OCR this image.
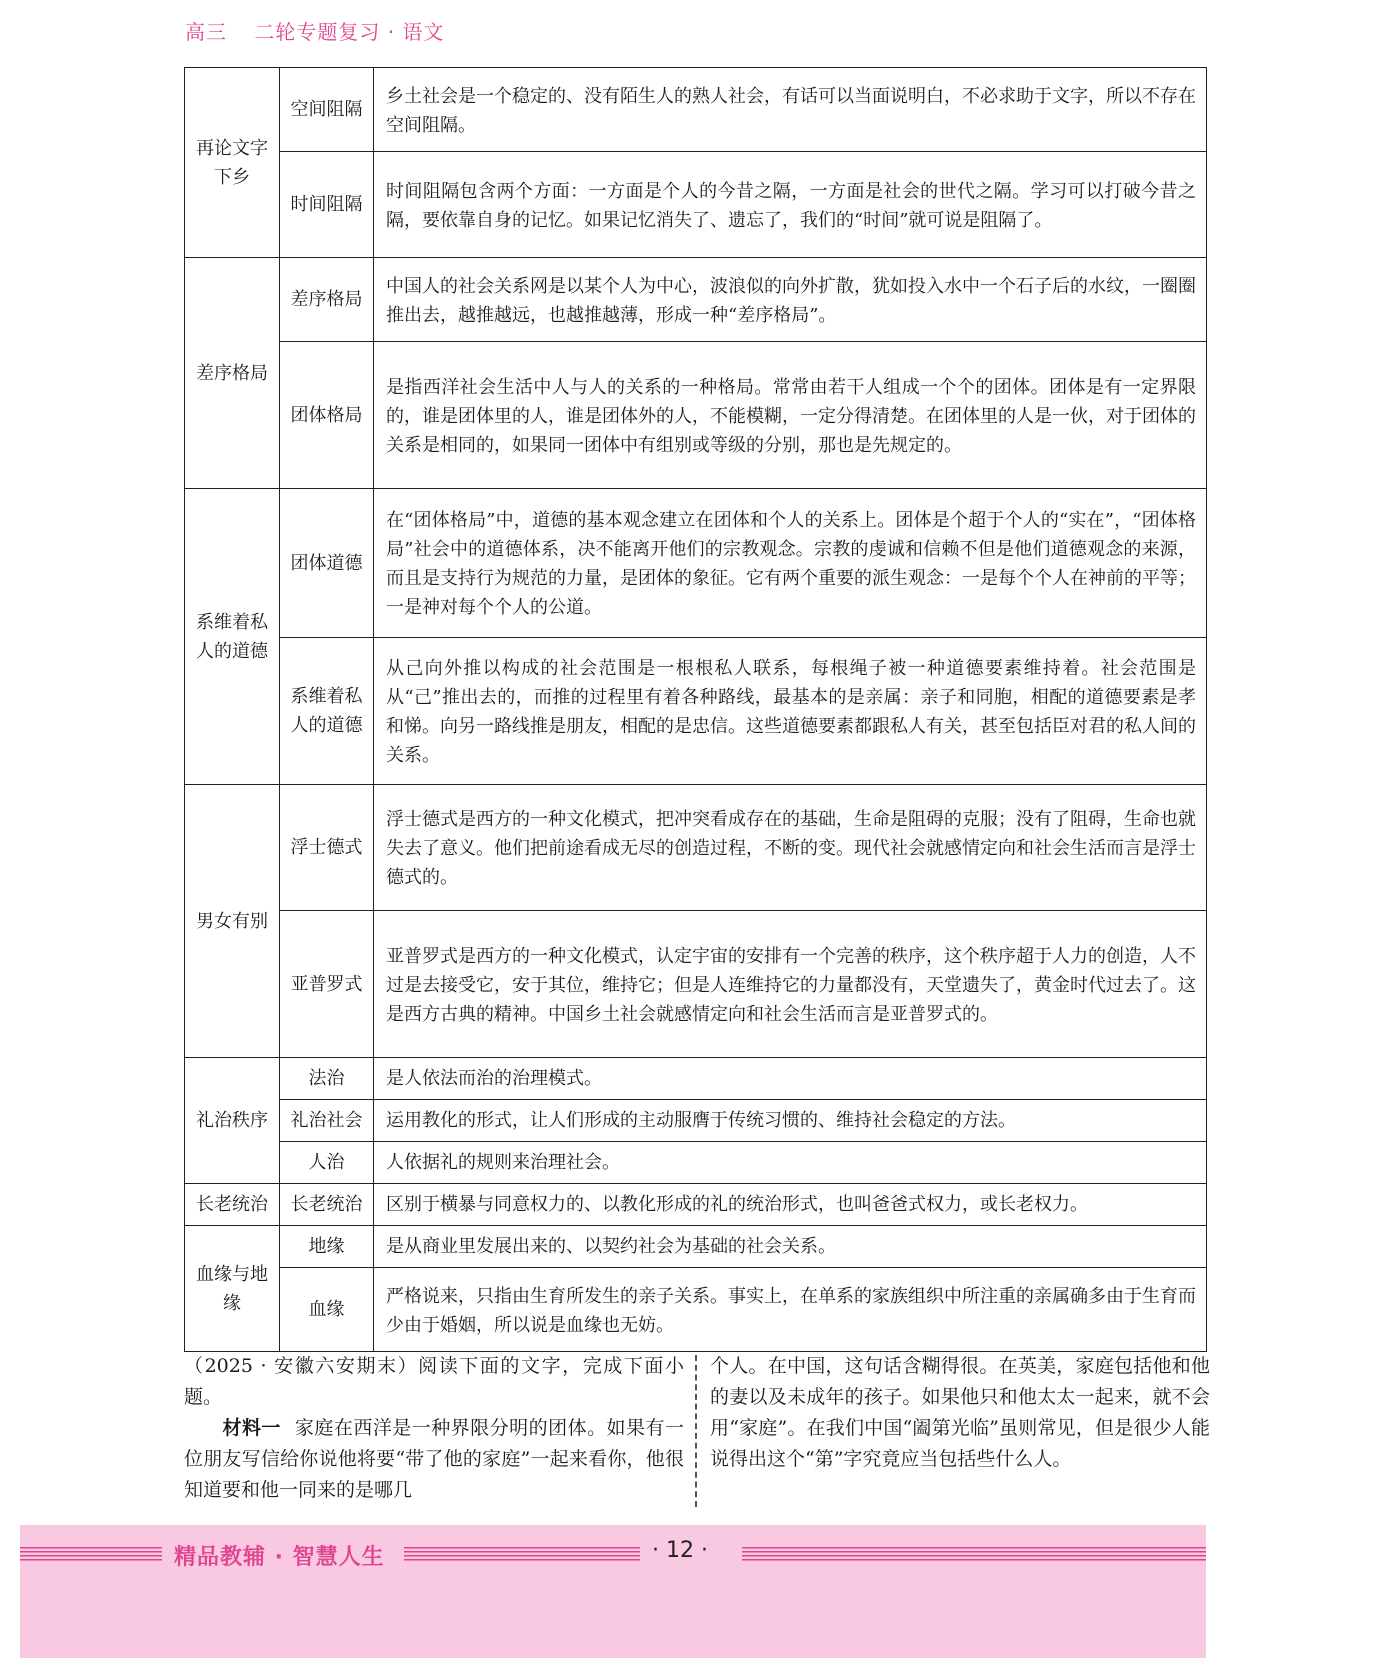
高三 二轮专题复习 · 语文
再论文字下乡	空间阻隔	乡土社会是一个稳定的、没有陌生人的熟人社会，有话可以当面说明白，不必求助于文字，所以不存在空间阻隔。

	时间阻隔	时间阻隔包含两个方面：一方面是个人的今昔之隔，一方面是社会的世代之隔。学习可以打破今昔之隔，要依靠自身的记忆。如果记忆消失了、遗忘了，我们的“时间”就可说是阻隔了。

差序格局	差序格局	中国人的社会关系网是以某个人为中心，波浪似的向外扩散，犹如投入水中一个石子后的水纹，一圈圈推出去，越推越远，也越推越薄，形成一种“差序格局”。

	团体格局	是指西洋社会生活中人与人的关系的一种格局。常常由若干人组成一个个的团体。团体是有一定界限的，谁是团体里的人，谁是团体外的人，不能模糊，一定分得清楚。在团体里的人是一伙，对于团体的关系是相同的，如果同一团体中有组别或等级的分别，那也是先规定的。

系维着私人的道德	团体道德	在“团体格局”中，道德的基本观念建立在团体和个人的关系上。团体是个超于个人的“实在”，“团体格局”社会中的道德体系，决不能离开他们的宗教观念。宗教的虔诚和信赖不但是他们道德观念的来源，而且是支持行为规范的力量，是团体的象征。它有两个重要的派生观念：一是每个个人在神前的平等；一是神对每个个人的公道。

	系维着私人的道德	从己向外推以构成的社会范围是一根根私人联系，每根绳子被一种道德要素维持着。社会范围是从“己”推出去的，而推的过程里有着各种路线，最基本的是亲属：亲子和同胞，相配的道德要素是孝和悌。向另一路线推是朋友，相配的是忠信。这些道德要素都跟私人有关，甚至包括臣对君的私人间的关系。

男女有别	浮士德式	浮士德式是西方的一种文化模式，把冲突看成存在的基础，生命是阻碍的克服；没有了阻碍，生命也就失去了意义。他们把前途看成无尽的创造过程，不断的变。现代社会就感情定向和社会生活而言是浮士德式的。

	亚普罗式	亚普罗式是西方的一种文化模式，认定宇宙的安排有一个完善的秩序，这个秩序超于人力的创造，人不过是去接受它，安于其位，维持它；但是人连维持它的力量都没有，天堂遗失了，黄金时代过去了。这是西方古典的精神。中国乡土社会就感情定向和社会生活而言是亚普罗式的。

礼治秩序	法治	是人依法而治的治理模式。

	礼治社会	运用教化的形式，让人们形成的主动服膺于传统习惯的、维持社会稳定的方法。

	人治	人依据礼的规则来治理社会。

长老统治	长老统治	区别于横暴与同意权力的、以教化形成的礼的统治形式，也叫爸爸式权力，或长老权力。

血缘与地缘	地缘	是从商业里发展出来的、以契约社会为基础的社会关系。

	血缘	严格说来，只指由生育所发生的亲子关系。事实上，在单系的家族组织中所注重的亲属确多由于生育而少由于婚姻，所以说是血缘也无妨。
（2025 · 安徽六安期末）阅读下面的文字，完成下面小题。
材料一 家庭在西洋是一种界限分明的团体。如果有一位朋友写信给你说他将要“带了他的家庭”一起来看你，他很知道要和他一同来的是哪几
个人。在中国，这句话含糊得很。在英美，家庭包括他和他的妻以及未成年的孩子。如果他只和他太太一起来，就不会用“家庭”。在我们中国“阖第光临”虽则常见，但是很少人能说得出这个“第”字究竟应当包括些什么人。
精品教辅 · 智慧人生	· 12 ·
